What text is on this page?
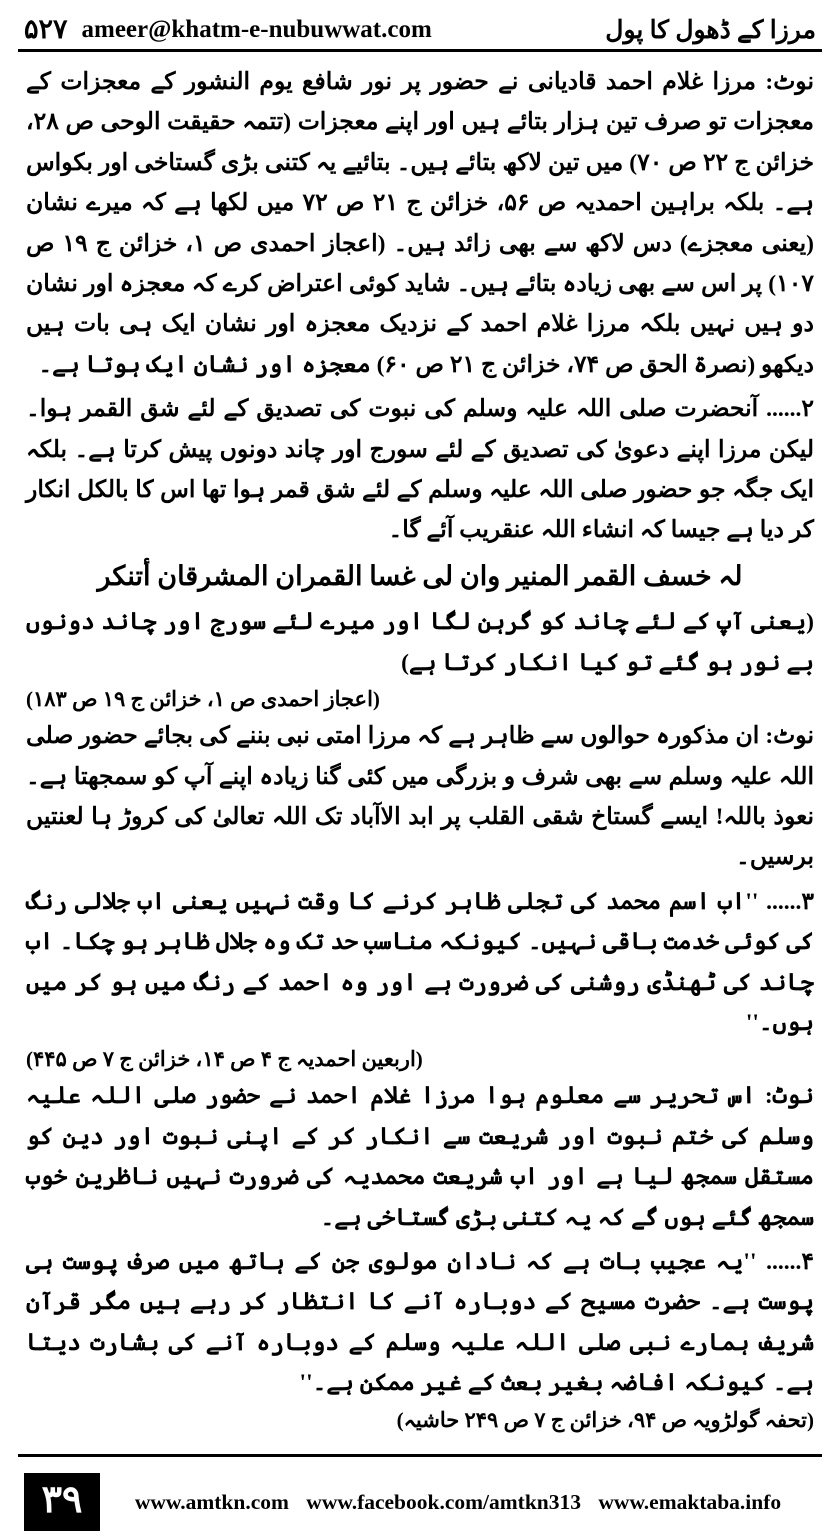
مرزا کے ڈھول کا پول
۵۲۷ ameer@khatm-e-nubuwwat.com

نوٹ: مرزا غلام احمد قادیانی نے حضور پر نور شافع یوم النشور کے معجزات کے معجزات تو صرف تین ہزار بتائے ہیں اور اپنے معجزات (تتمہ حقیقت الوحی ص ۲۸، خزائن ج ۲۲ ص ۷۰) میں تین لاکھ بتائے ہیں۔ بتائیے یہ کتنی بڑی گستاخی اور بکواس ہے۔ بلکہ براہین احمدیہ ص ۵۶، خزائن ج ۲۱ ص ۷۲ میں لکھا ہے کہ میرے نشان (یعنی معجزے) دس لاکھ سے بھی زائد ہیں۔ (اعجاز احمدی ص ۱، خزائن ج ۱۹ ص ۱۰۷) پر اس سے بھی زیادہ بتائے ہیں۔ شاید کوئی اعتراض کرے کہ معجزہ اور نشان دو ہیں نہیں بلکہ مرزا غلام احمد کے نزدیک معجزہ اور نشان ایک ہی بات ہیں دیکھو (نصرۃ الحق ص ۷۴، خزائن ج ۲۱ ص ۶۰) معجزہ اور نشان ایک ہوتا ہے۔

۲...... آنحضرت صلی اللہ علیہ وسلم کی نبوت کی تصدیق کے لئے شق القمر ہوا۔ لیکن مرزا اپنے دعویٰ کی تصدیق کے لئے سورج اور چاند دونوں پیش کرتا ہے۔ بلکہ ایک جگہ جو حضور صلی اللہ علیہ وسلم کے لئے شق قمر ہوا تھا اس کا بالکل انکار کر دیا ہے جیسا کہ انشاء اللہ عنقریب آئے گا۔

لہ خسف القمر المنیر وان لی غسا القمران المشرقان أتنکر

(یعنی آپ کے لئے چاند کو گرہن لگا اور میرے لئے سورج اور چاند دونوں بے نور ہو گئے تو کیا انکار کرتا ہے)

(اعجاز احمدی ص ۱، خزائن ج ۱۹ ص ۱۸۳)

نوٹ: ان مذکورہ حوالوں سے ظاہر ہے کہ مرزا امتی نبی بننے کی بجائے حضور صلی اللہ علیہ وسلم سے بھی شرف و بزرگی میں کئی گنا زیادہ اپنے آپ کو سمجھتا ہے۔ نعوذ باللہ! ایسے گستاخ شقی القلب پر ابد الاآباد تک اللہ تعالیٰ کی کروڑ ہا لعنتیں برسیں۔

۳...... ''اب اسم محمد کی تجلی ظاہر کرنے کا وقت نہیں یعنی اب جلالی رنگ کی کوئی خدمت باقی نہیں۔ کیونکہ مناسب حد تک وہ جلال ظاہر ہو چکا۔ اب چاند کی ٹھنڈی روشنی کی ضرورت ہے اور وہ احمد کے رنگ میں ہو کر میں ہوں۔''

(اربعین احمدیہ ج ۴ ص ۱۴، خزائن ج ۷ ص ۴۴۵)

نوٹ: اس تحریر سے معلوم ہوا مرزا غلام احمد نے حضور صلی اللہ علیہ وسلم کی ختم نبوت اور شریعت سے انکار کر کے اپنی نبوت اور دین کو مستقل سمجھ لیا ہے اور اب شریعت محمدیہ کی ضرورت نہیں ناظرین خوب سمجھ گئے ہوں گے کہ یہ کتنی بڑی گستاخی ہے۔

۴...... ''یہ عجیب بات ہے کہ نادان مولوی جن کے ہاتھ میں صرف پوست ہی پوست ہے۔ حضرت مسیح کے دوبارہ آنے کا انتظار کر رہے ہیں مگر قرآن شریف ہمارے نبی صلی اللہ علیہ وسلم کے دوبارہ آنے کی بشارت دیتا ہے۔ کیونکہ افاضہ بغیر بعث کے غیر ممکن ہے۔''

(تحفہ گولڑویہ ص ۹۴، خزائن ج ۷ ص ۲۴۹ حاشیہ)

۳۹	www.amtkn.com www.facebook.com/amtkn313 www.emaktaba.info
